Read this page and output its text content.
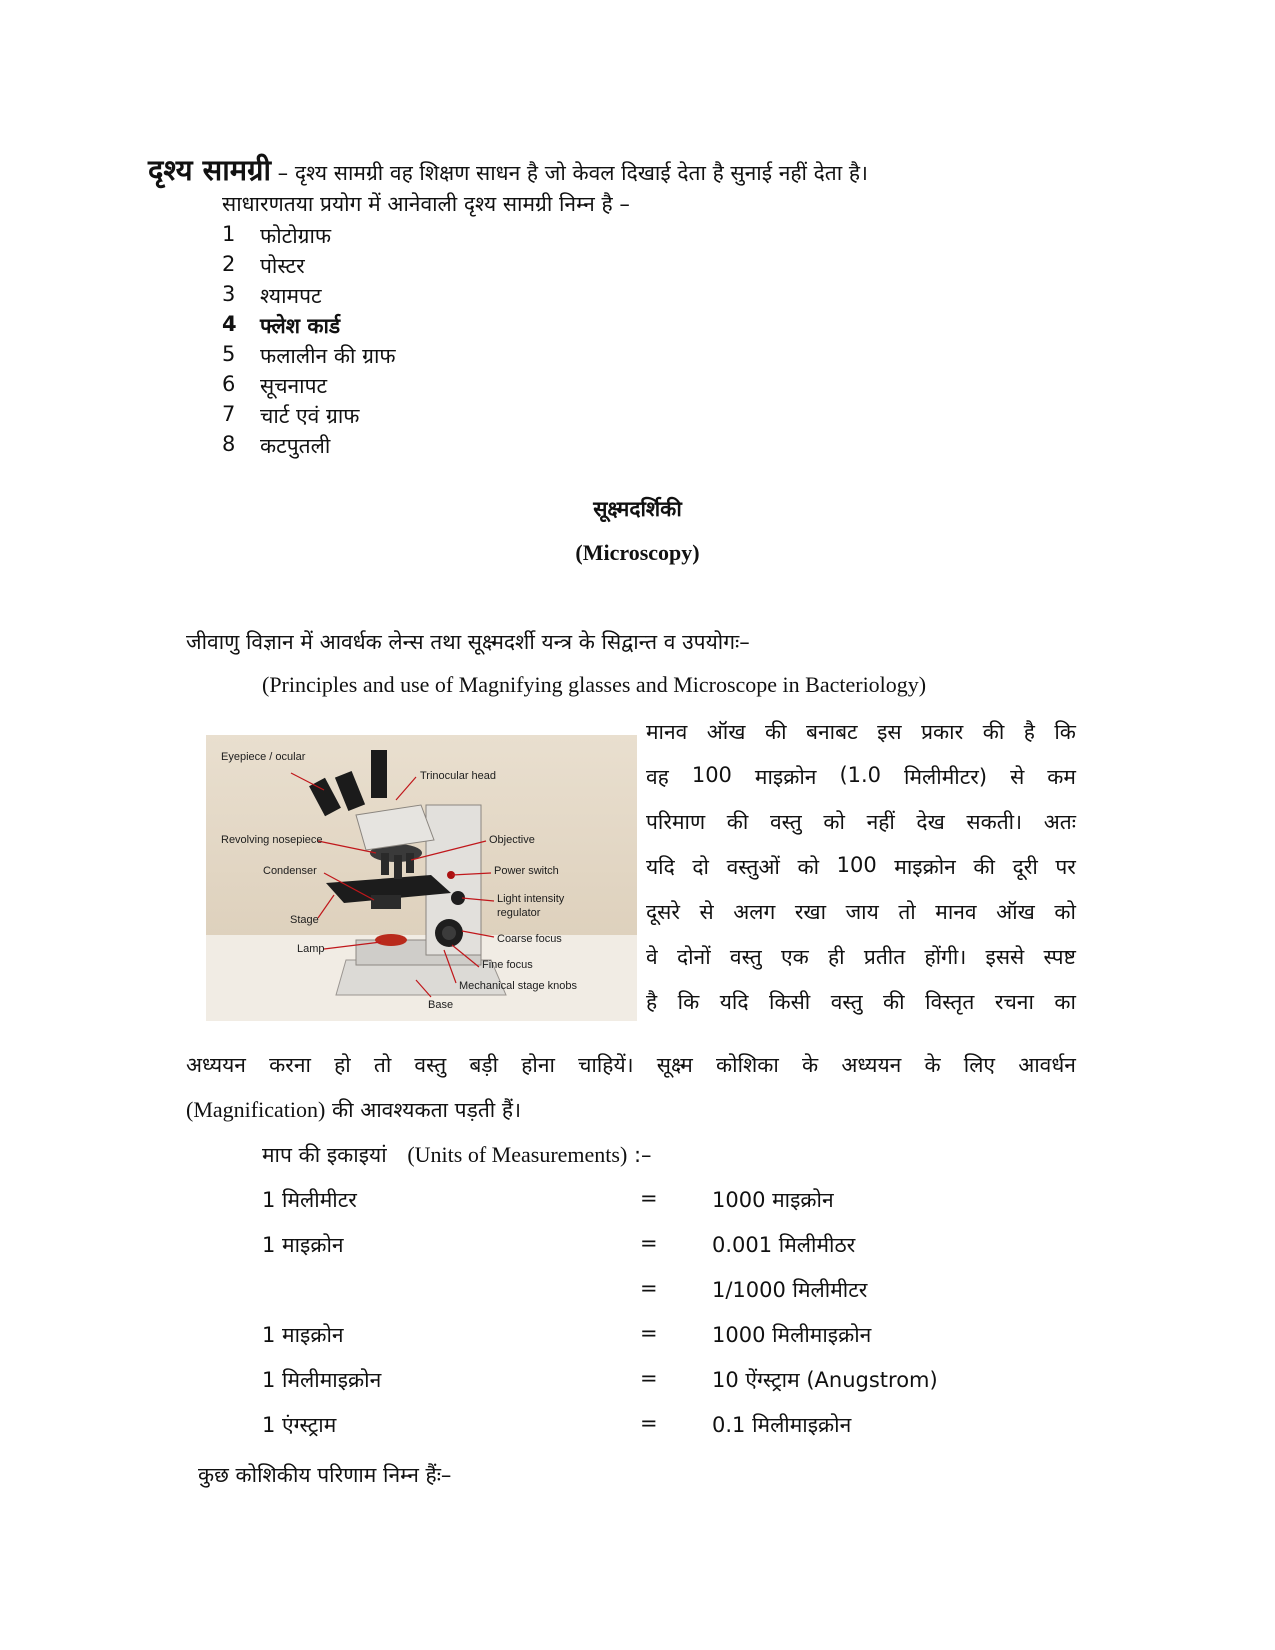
दृश्य सामग्री – दृश्य सामग्री वह शिक्षण साधन है जो केवल दिखाई देता है सुनाई नहीं देता है।
साधारणतया प्रयोग में आनेवाली दृश्य सामग्री निम्न है –
1	फोटोग्राफ
2	पोस्टर
3	श्यामपट
4	फ्लेश कार्ड
5	फलालीन की ग्राफ
6	सूचनापट
7	चार्ट एवं ग्राफ
8	कटपुतली
सूक्ष्मदर्शिकी
(Microscopy)
जीवाणु विज्ञान में आवर्धक लेन्स तथा सूक्ष्मदर्शी यन्त्र के सिद्वान्त व उपयोगः–
(Principles and use of Magnifying glasses and Microscope in Bacteriology)
Eyepiece / ocular
Trinocular head
Revolving nosepiece	Objective
Condenser	Power switch
Light intensity
regulator
Stage
Coarse focus
Lamp
Fine focus
Mechanical stage knobs
Base
मानव ऑख की बनाबट इस प्रकार की है कि
वह 100 माइक्रोन (1.0 मिलीमीटर) से कम
परिमाण की वस्तु को नहीं देख सकती। अतः
यदि दो वस्तुओं को 100 माइक्रोन की दूरी पर
दूसरे से अलग रखा जाय तो मानव ऑख को
वे दोनों वस्तु एक ही प्रतीत होंगी। इससे स्पष्ट
है कि यदि किसी वस्तु की विस्तृत रचना का
अध्ययन करना हो तो वस्तु बड़ी होना चाहियें। सूक्ष्म कोशिका के अध्ययन के लिए आवर्धन
(Magnification) की आवश्यकता पड़ती हैं।
माप की इकाइयां (Units of Measurements) :–
1 मिलीमीटर	=	1000 माइक्रोन
1 माइक्रोन	=	0.001 मिलीमीठर
=	1/1000 मिलीमीटर
1 माइक्रोन	=	1000 मिलीमाइक्रोन
1 मिलीमाइक्रोन	=	10 ऐंग्स्ट्राम (Anugstrom)
1 एंग्स्ट्राम	=	0.1 मिलीमाइक्रोन
कुछ कोशिकीय परिणाम निम्न हैंः–
